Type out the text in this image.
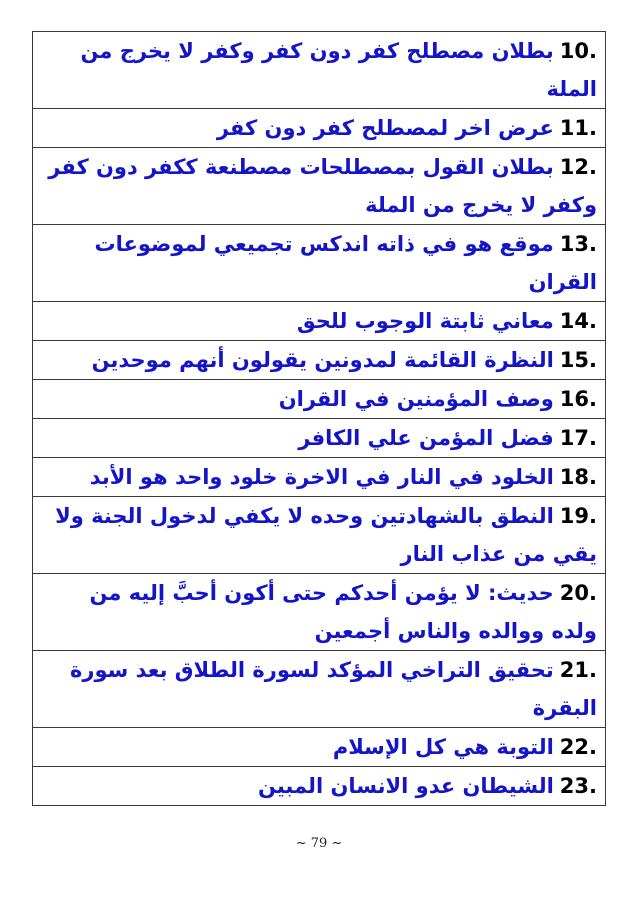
10.بطلان مصطلح كفر دون كفر وكفر لا يخرج من الملة
11.عرض اخر لمصطلح كفر دون كفر
12.بطلان القول بمصطلحات مصطنعة ككفر دون كفر وكفر لا يخرج من الملة
13.موقع هو في ذاته اندكس تجميعي لموضوعات القران
14.معاني ثابتة الوجوب للحق
15.النظرة القائمة لمدونين يقولون أنهم موحدين
16.وصف المؤمنين في القران
17.فضل المؤمن علي الكافر
18.الخلود في النار في الاخرة خلود واحد هو الأبد
19.النطق بالشهادتين وحده لا يكفي لدخول الجنة ولا يقي من عذاب النار
20.حديث: لا يؤمن أحدكم حتى أكون أحبَّ إليه من ولده ووالده والناس أجمعين
21.تحقيق التراخي المؤكد لسورة الطلاق بعد سورة البقرة
22.التوبة هي كل الإسلام
23.الشيطان عدو الانسان المبين
~ 79 ~
